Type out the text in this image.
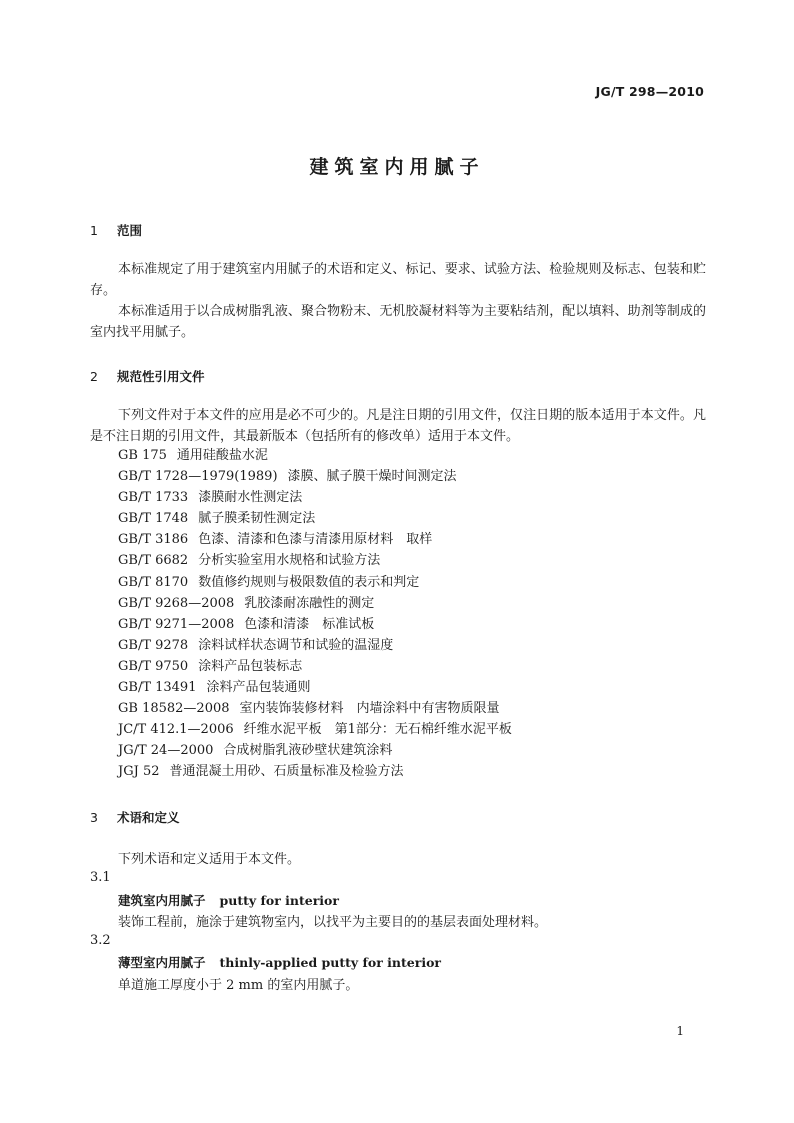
JG/T 298—2010
建筑室内用腻子
1 范围
本标准规定了用于建筑室内用腻子的术语和定义、标记、要求、试验方法、检验规则及标志、包装和贮存。
本标准适用于以合成树脂乳液、聚合物粉末、无机胶凝材料等为主要粘结剂，配以填料、助剂等制成的室内找平用腻子。
2 规范性引用文件
下列文件对于本文件的应用是必不可少的。凡是注日期的引用文件，仅注日期的版本适用于本文件。凡是不注日期的引用文件，其最新版本（包括所有的修改单）适用于本文件。
GB 175 通用硅酸盐水泥
GB/T 1728—1979(1989) 漆膜、腻子膜干燥时间测定法
GB/T 1733 漆膜耐水性测定法
GB/T 1748 腻子膜柔韧性测定法
GB/T 3186 色漆、清漆和色漆与清漆用原材料　取样
GB/T 6682 分析实验室用水规格和试验方法
GB/T 8170 数值修约规则与极限数值的表示和判定
GB/T 9268—2008 乳胶漆耐冻融性的测定
GB/T 9271—2008 色漆和清漆　标准试板
GB/T 9278 涂料试样状态调节和试验的温湿度
GB/T 9750 涂料产品包装标志
GB/T 13491 涂料产品包装通则
GB 18582—2008 室内装饰装修材料　内墙涂料中有害物质限量
JC/T 412.1—2006 纤维水泥平板　第1部分：无石棉纤维水泥平板
JG/T 24—2000 合成树脂乳液砂壁状建筑涂料
JGJ 52 普通混凝土用砂、石质量标准及检验方法
3 术语和定义
下列术语和定义适用于本文件。
3.1
建筑室内用腻子 putty for interior
装饰工程前，施涂于建筑物室内，以找平为主要目的的基层表面处理材料。
3.2
薄型室内用腻子 thinly-applied putty for interior
单道施工厚度小于 2 mm 的室内用腻子。
1
